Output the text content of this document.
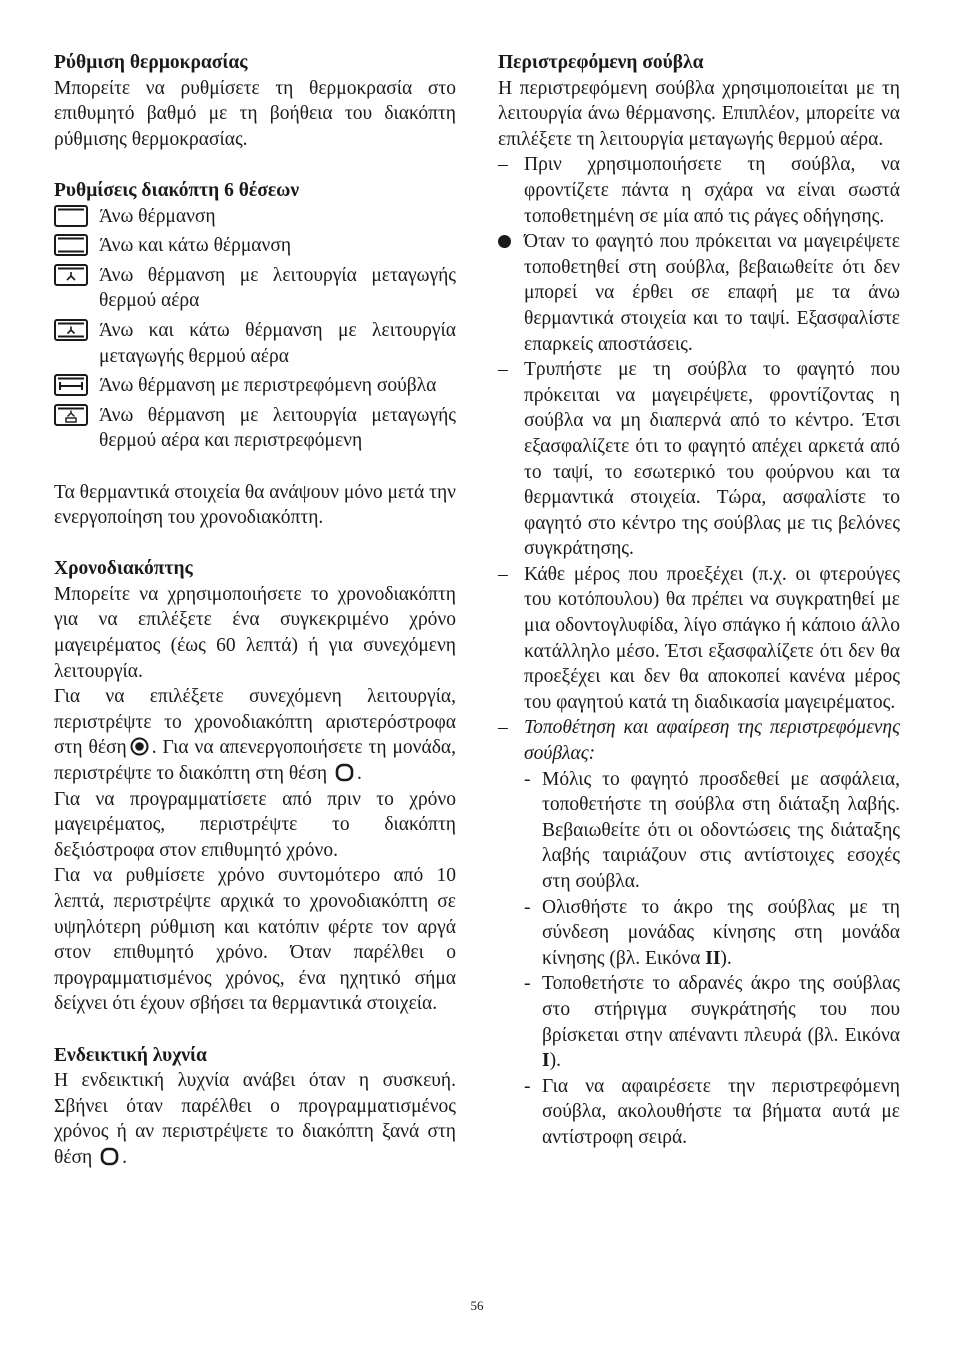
Ρύθμιση θερμοκρασίας

Μπορείτε να ρυθμίσετε τη θερμοκρασία στο επιθυμητό βαθμό με τη βοήθεια του διακόπτη ρύθμισης θερμοκρασίας.

Ρυθμίσεις διακόπτη 6 θέσεων
Άνω θέρμανση
Άνω και κάτω θέρμανση
Άνω θέρμανση με λειτουργία μεταγωγής θερμού αέρα
Άνω και κάτω θέρμανση με λειτουργία μεταγωγής θερμού αέρα
Άνω θέρμανση με περιστρεφόμενη σούβλα
Άνω θέρμανση με λειτουργία μεταγωγής θερμού αέρα και περιστρεφόμενη

Τα θερμαντικά στοιχεία θα ανάψουν μόνο μετά την ενεργοποίηση του χρονοδιακόπτη.

Χρονοδιακόπτης

Μπορείτε να χρησιμοποιήσετε το χρονοδιακόπτη για να επιλέξετε ένα συγκεκριμένο χρόνο μαγειρέματος (έως 60 λεπτά) ή για συνεχόμενη λειτουργία.

Για να επιλέξετε συνεχόμενη λειτουργία, περιστρέψτε το χρονοδιακόπτη αριστερόστροφα στη θέση . Για να απενεργοποιήσετε τη μονάδα, περιστρέψτε το διακόπτη στη θέση .

Για να προγραμματίσετε από πριν το χρόνο μαγειρέματος, περιστρέψτε το διακόπτη δεξιόστροφα στον επιθυμητό χρόνο.

Για να ρυθμίσετε χρόνο συντομότερο από 10 λεπτά, περιστρέψτε αρχικά το χρονοδιακόπτη σε υψηλότερη ρύθμιση και κατόπιν φέρτε τον αργά στον επιθυμητό χρόνο. Όταν παρέλθει ο προγραμματισμένος χρόνος, ένα ηχητικό σήμα δείχνει ότι έχουν σβήσει τα θερμαντικά στοιχεία.

Ενδεικτική λυχνία

Η ενδεικτική λυχνία ανάβει όταν η συσκευή. Σβήνει όταν παρέλθει ο προγραμματισμένος χρόνος ή αν περιστρέψετε το διακόπτη ξανά στη θέση .

Περιστρεφόμενη σούβλα

Η περιστρεφόμενη σούβλα χρησιμοποιείται με τη λειτουργία άνω θέρμανσης. Επιπλέον, μπορείτε να επιλέξετε τη λειτουργία μεταγωγής θερμού αέρα.

– Πριν χρησιμοποιήσετε τη σούβλα, να φροντίζετε πάντα η σχάρα να είναι σωστά τοποθετημένη σε μία από τις ράγες οδήγησης.
Όταν το φαγητό που πρόκειται να μαγειρέψετε τοποθετηθεί στη σούβλα, βεβαιωθείτε ότι δεν μπορεί να έρθει σε επαφή με τα άνω θερμαντικά στοιχεία και το ταψί. Εξασφαλίστε επαρκείς αποστάσεις.
– Τρυπήστε με τη σούβλα το φαγητό που πρόκειται να μαγειρέψετε, φροντίζοντας η σούβλα να μη διαπερνά από το κέντρο. Έτσι εξασφαλίζετε ότι το φαγητό απέχει αρκετά από το ταψί, το εσωτερικό του φούρνου και τα θερμαντικά στοιχεία. Τώρα, ασφαλίστε το φαγητό στο κέντρο της σούβλας με τις βελόνες συγκράτησης.
– Κάθε μέρος που προεξέχει (π.χ. οι φτερούγες του κοτόπουλου) θα πρέπει να συγκρατηθεί με μια οδοντογλυφίδα, λίγο σπάγκο ή κάποιο άλλο κατάλληλο μέσο. Έτσι εξασφαλίζετε ότι δεν θα προεξέχει και δεν θα αποκοπεί κανένα μέρος του φαγητού κατά τη διαδικασία μαγειρέματος.
– Τοποθέτηση και αφαίρεση της περιστρεφόμενης σούβλας:
- Μόλις το φαγητό προσδεθεί με ασφάλεια, τοποθετήστε τη σούβλα στη διάταξη λαβής. Βεβαιωθείτε ότι οι οδοντώσεις της διάταξης λαβής ταιριάζουν στις αντίστοιχες εσοχές στη σούβλα.
- Ολισθήστε το άκρο της σούβλας με τη σύνδεση μονάδας κίνησης στη μονάδα κίνησης (βλ. Εικόνα II).
- Τοποθετήστε το αδρανές άκρο της σούβλας στο στήριγμα συγκράτησής του που βρίσκεται στην απέναντι πλευρά (βλ. Εικόνα I).
- Για να αφαιρέσετε την περιστρεφόμενη σούβλα, ακολουθήστε τα βήματα αυτά με αντίστροφη σειρά.
56
